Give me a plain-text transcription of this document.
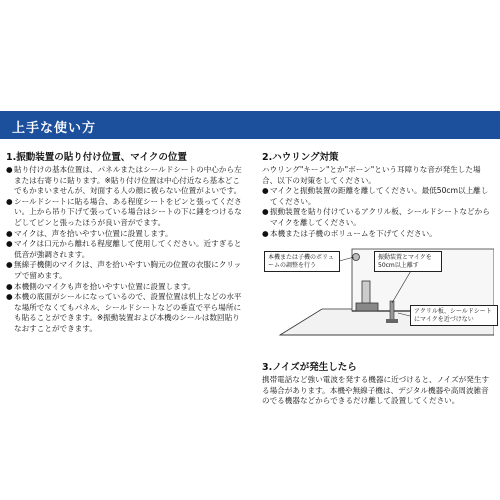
上手な使い方
1.振動装置の貼り付け位置、マイクの位置
●貼り付けの基本位置は、パネルまたはシールドシートの中心から左または右寄りに貼ります。※貼り付け位置は中心付近なら基本どこでもかまいませんが、対面する人の顔に被らない位置がよいです。
●シールドシートに貼る場合、ある程度シートをピンと張ってください。上から吊り下げて張っている場合はシートの下に錘をつけるなどしてピンと張ったほうが良い音がでます。
●マイクは、声を拾いやすい位置に設置します。
●マイクは口元から離れる程度離して使用してください。近すぎると低音が強調されます。
●無線子機側のマイクは、声を拾いやすい胸元の位置の衣服にクリップで留めます。
●本機側のマイクも声を拾いやすい位置に設置します。
●本機の底面がシールになっているので、設置位置は机上などの水平な場所でなくてもパネル、シールドシートなどの垂直で平ら場所にも貼ることができます。※振動装置および本機のシールは数回貼りなおすことができます。
2.ハウリング対策
ハウリング"キーン"とか"ボーン"という耳障りな音が発生した場合、以下の対策をしてください。
●マイクと振動装置の距離を離してください。最低50cm以上離してください。
●振動装置を貼り付けているアクリル板、シールドシートなどからマイクを離してください。
●本機または子機のボリュームを下げてください。
本機または子機のボリュームの調整を行う
振動装置とマイクを50cm以上離す
アクリル板、シールドシートにマイクを近づけない
3.ノイズが発生したら
携帯電話など強い電波を発する機器に近づけると、ノイズが発生する場合があります。本機や無線子機は、デジタル機器や高周波雑音のでる機器などからできるだけ離して設置してください。
